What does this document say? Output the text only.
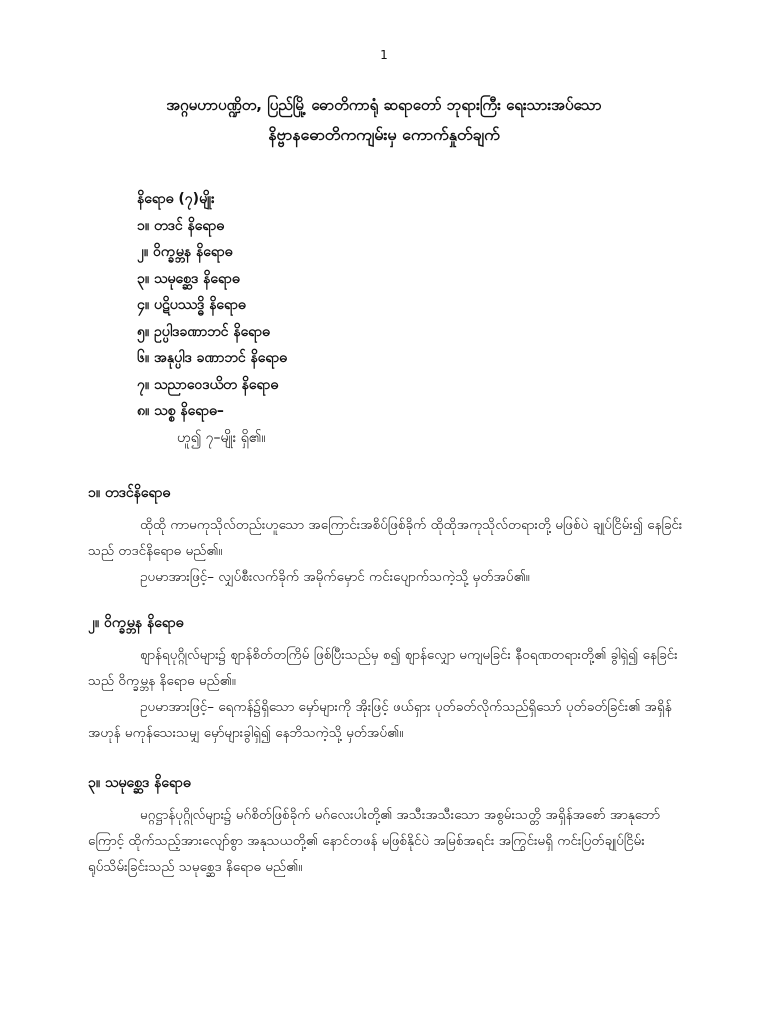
1
အဂ္ဂမဟာပဏ္ဍိတ, ပြည်မြို့ ဓောတိကာရုံ ဆရာတော် ဘုရားကြီး ရေးသားအပ်သော
နိဗ္ဗာနဓောတိကကျမ်းမှ ကောက်နှုတ်ချက်
နိရောဓ (၇)မျိုး
၁။ တဒင် နိရောဓ
၂။ ဝိက္ခမ္ဘန နိရောဓ
၃။ သမုစ္ဆေဒ နိရောဓ
၄။ ပဋိပဿဒ္ဓိ နိရောဓ
၅။ ဥပ္ပါဒခဏာဘင် နိရောဓ
၆။ အနုပ္ပါဒ ခဏာဘင် နိရောဓ
၇။ သညာဝေဒယိတ နိရောဓ
၈။ သစ္စ နိရောဓ–
ဟူ၍ ၇–မျိုး ရှိ၏။
၁။ တဒင်နိရောဓ
ထိုထို ကာမကုသိုလ်တည်းဟူသော အကြောင်းအစိပ်ဖြစ်ခိုက် ထိုထိုအကုသိုလ်တရားတို့ မဖြစ်ပဲ ချုပ်ငြိမ်း၍ နေခြင်းသည် တဒင်နိရောဓ မည်၏။
ဥပမာအားဖြင့်– လျှပ်စီးလက်ခိုက် အမိုက်မှောင် ကင်းပျောက်သကဲ့သို့ မှတ်အပ်၏။
၂။ ဝိက္ခမ္ဘန နိရောဓ
ဈာန်ရပုဂ္ဂိုလ်များ၌ ဈာန်စိတ်တကြိမ် ဖြစ်ပြီးသည်မှ စ၍ ဈာန်လျှော မကျမခြင်း နီဝရဏတရားတို့၏ ခွါရှဲ၍ နေခြင်းသည် ဝိက္ခမ္ဘန နိရောဓ မည်၏။
ဥပမာအားဖြင့်– ရေကန်၌ရှိသော မှော်များကို အိုးဖြင့် ဖယ်ရှား ပုတ်ခတ်လိုက်သည်ရှိသော် ပုတ်ခတ်ခြင်း၏ အရှိန် အဟုန် မကုန်သေးသမျှ မှော်များခွါရှဲ၍ နေဘိသကဲ့သို့ မှတ်အပ်၏။
၃။ သမုစ္ဆေဒ နိရောဓ
မဂ္ဂဋ္ဌာန်ပုဂ္ဂိုလ်များ၌ မဂ်စိတ်ဖြစ်ခိုက် မဂ်လေးပါးတို့၏ အသီးအသီးသော အစွမ်းသတ္တိ အရှိန်အစော် အာနုဘော်ကြောင့် ထိုက်သည့်အားလျော်စွာ အနုသယတို့၏ နောင်တဖန် မဖြစ်နိုင်ပဲ အမြစ်အရင်း အကြွင်းမရှိ ကင်းပြတ်ချုပ်ငြိမ်း ရုပ်သိမ်းခြင်းသည် သမုစ္ဆေဒ နိရောဓ မည်၏။
